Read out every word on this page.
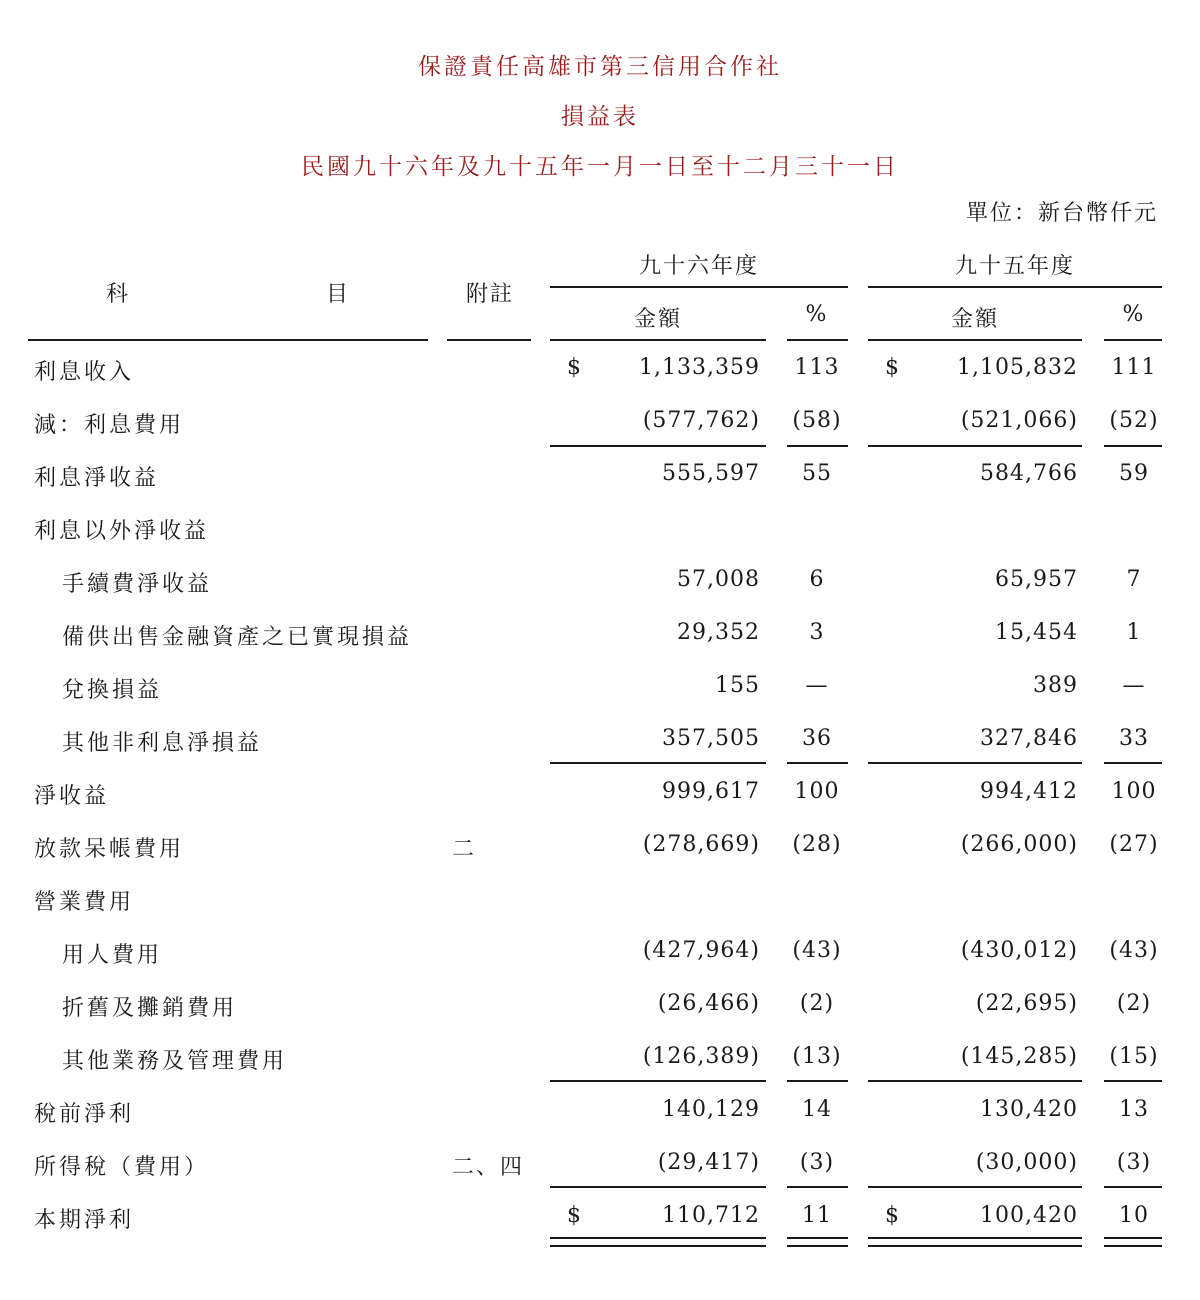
保證責任高雄市第三信用合作社
損益表
民國九十六年及九十五年一月一日至十二月三十一日
單位：新台幣仟元
科	目	附註
九十六年度	九十五年度
金額	%	金額	%
利息收入	$	1,133,359	113	$	1,105,832	111
減：利息費用	(577,762) (58)	(521,066) (52)
利息淨收益	555,597	55	584,766	59
利息以外淨收益
手續費淨收益	57,008	6	65,957	7
備供出售金融資產之已實現損益	29,352	3	15,454	1
兌換損益	155	—	389	—
其他非利息淨損益	357,505	36	327,846	33
淨收益	999,617	100	994,412	100
放款呆帳費用	二	(278,669) (28)	(266,000) (27)
營業費用
用人費用	(427,964) (43)	(430,012) (43)
折舊及攤銷費用	(26,466)	(2)	(22,695)	(2)
其他業務及管理費用	(126,389) (13)	(145,285) (15)
稅前淨利	140,129	14	130,420	13
所得稅（費用）	二、四	(29,417)	(3)	(30,000)	(3)
本期淨利	$	110,712	11	$	100,420	10
